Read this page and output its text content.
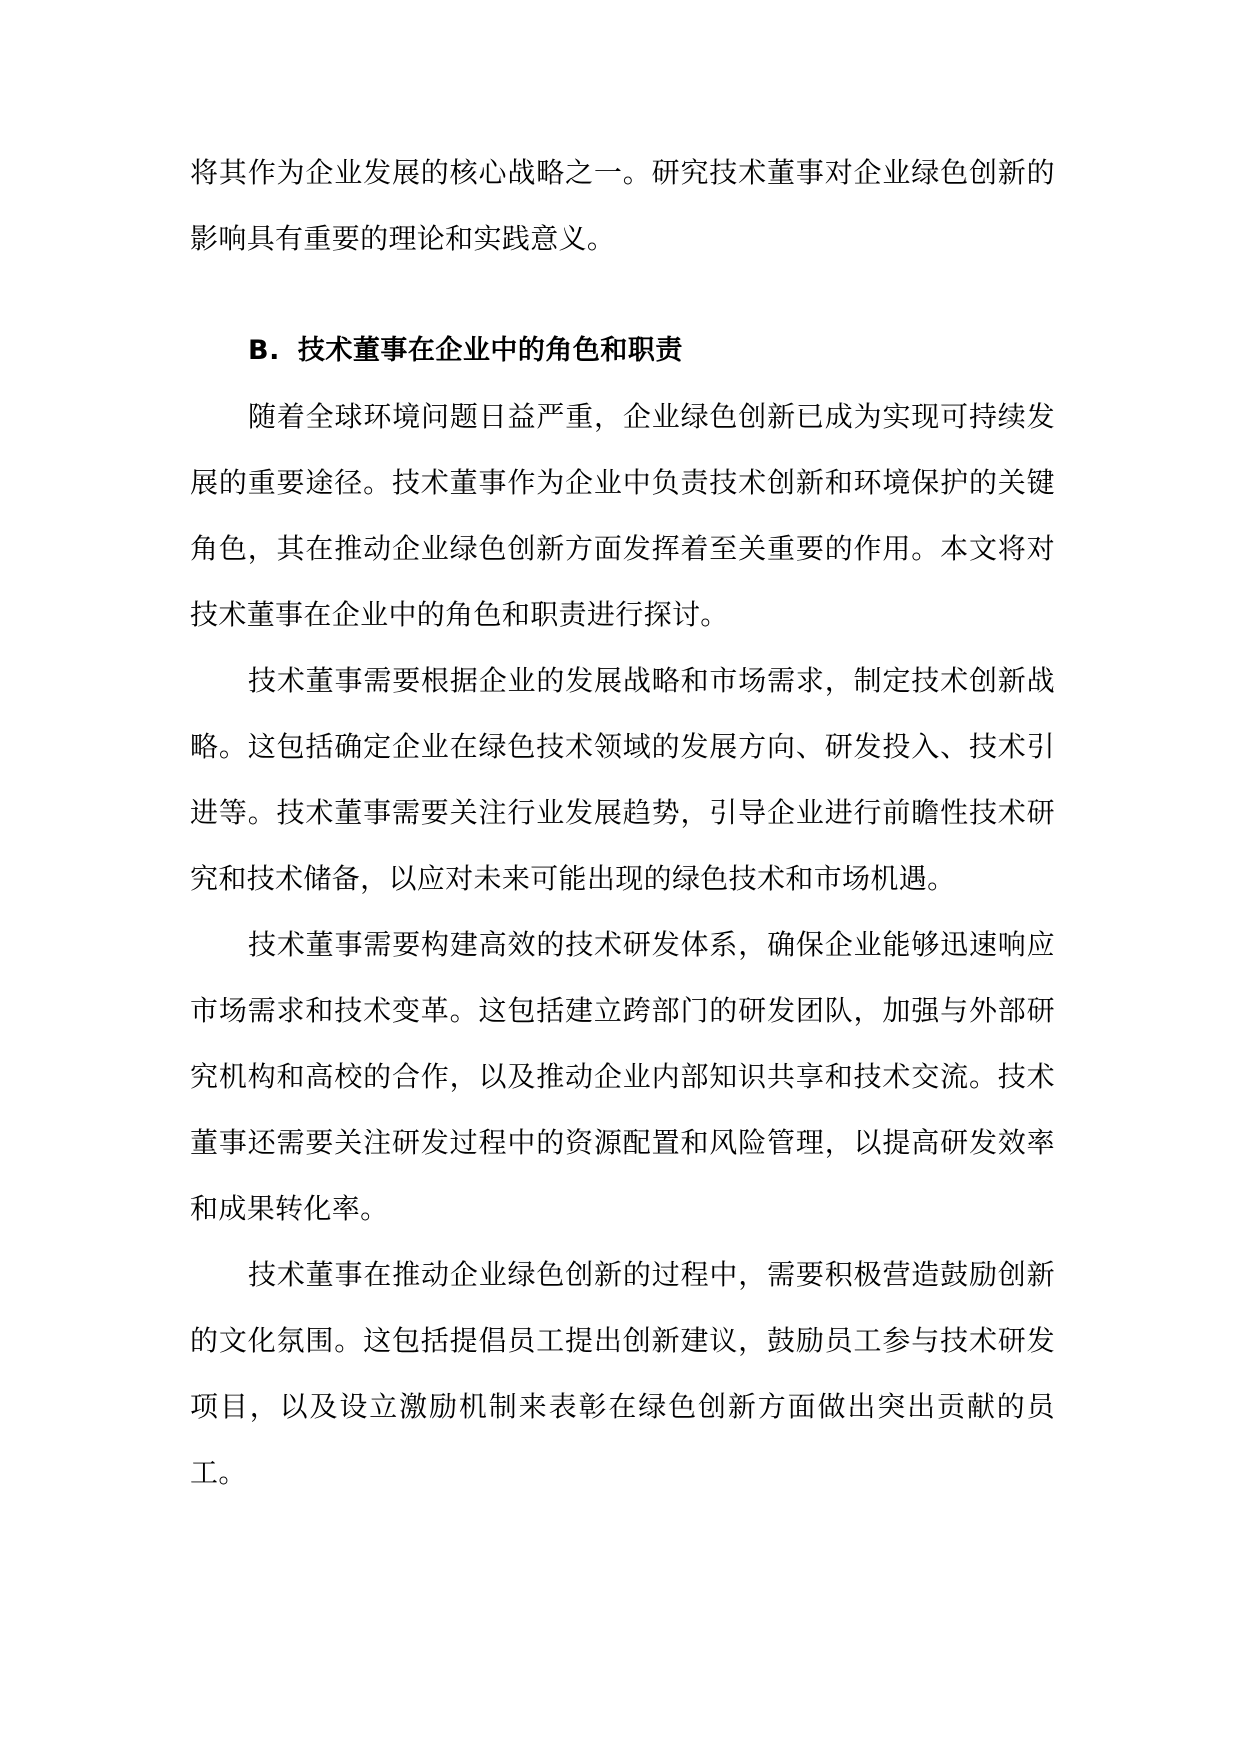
将其作为企业发展的核心战略之一。研究技术董事对企业绿色创新的影响具有重要的理论和实践意义。

B. 技术董事在企业中的角色和职责

随着全球环境问题日益严重，企业绿色创新已成为实现可持续发展的重要途径。技术董事作为企业中负责技术创新和环境保护的关键角色，其在推动企业绿色创新方面发挥着至关重要的作用。本文将对技术董事在企业中的角色和职责进行探讨。

技术董事需要根据企业的发展战略和市场需求，制定技术创新战略。这包括确定企业在绿色技术领域的发展方向、研发投入、技术引进等。技术董事需要关注行业发展趋势，引导企业进行前瞻性技术研究和技术储备，以应对未来可能出现的绿色技术和市场机遇。

技术董事需要构建高效的技术研发体系，确保企业能够迅速响应市场需求和技术变革。这包括建立跨部门的研发团队，加强与外部研究机构和高校的合作，以及推动企业内部知识共享和技术交流。技术董事还需要关注研发过程中的资源配置和风险管理，以提高研发效率和成果转化率。

技术董事在推动企业绿色创新的过程中，需要积极营造鼓励创新的文化氛围。这包括提倡员工提出创新建议，鼓励员工参与技术研发项目，以及设立激励机制来表彰在绿色创新方面做出突出贡献的员工。
